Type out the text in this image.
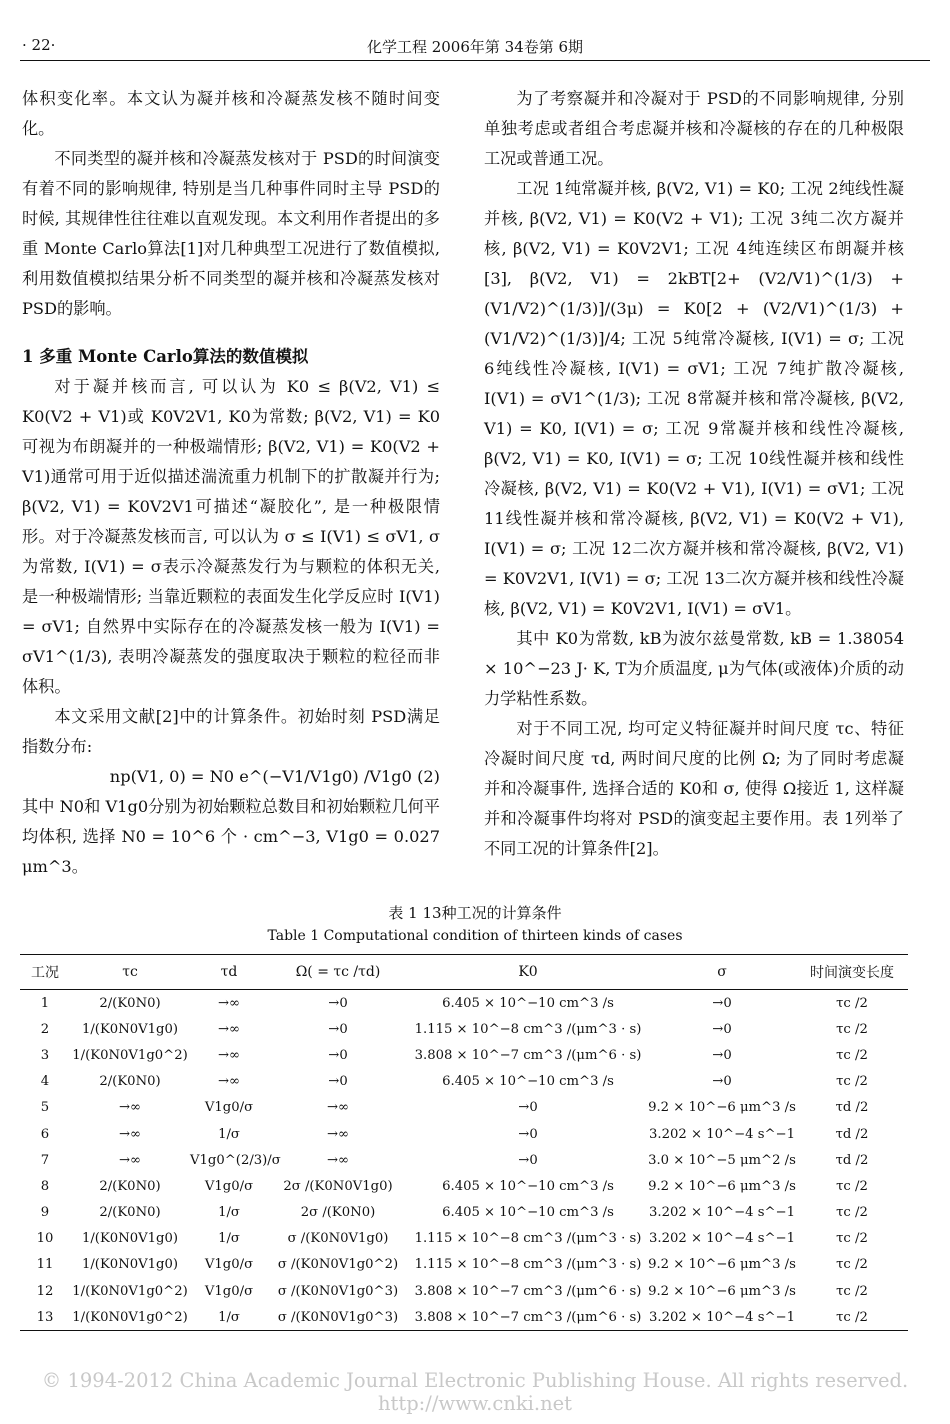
· 22·	化学工程 2006年第 34卷第 6期

体积变化率。本文认为凝并核和冷凝蒸发核不随时间变化。

不同类型的凝并核和冷凝蒸发核对于 PSD的时间演变有着不同的影响规律, 特别是当几种事件同时主导 PSD的时候, 其规律性往往难以直观发现。本文利用作者提出的多重 Monte Carlo算法[1]对几种典型工况进行了数值模拟, 利用数值模拟结果分析不同类型的凝并核和冷凝蒸发核对 PSD的影响。

1 多重 Monte Carlo算法的数值模拟

对于凝并核而言, 可以认为 K0 ≤ β(V2, V1) ≤ K0(V2 + V1)或 K0V2V1, K0为常数; β(V2, V1) = K0可视为布朗凝并的一种极端情形; β(V2, V1) = K0(V2 + V1)通常可用于近似描述湍流重力机制下的扩散凝并行为; β(V2, V1) = K0V2V1可描述“凝胶化”, 是一种极限情形。对于冷凝蒸发核而言, 可以认为 σ ≤ I(V1) ≤ σV1, σ为常数, I(V1) = σ表示冷凝蒸发行为与颗粒的体积无关, 是一种极端情形; 当靠近颗粒的表面发生化学反应时 I(V1) = σV1; 自然界中实际存在的冷凝蒸发核一般为 I(V1) = σV1^(1/3), 表明冷凝蒸发的强度取决于颗粒的粒径而非体积。

本文采用文献[2]中的计算条件。初始时刻 PSD满足指数分布:

np(V1, 0) = N0 e^(−V1/V1g0) /V1g0 (2)

其中 N0和 V1g0分别为初始颗粒总数目和初始颗粒几何平均体积, 选择 N0 = 10^6 个 · cm^−3, V1g0 = 0.027 μm^3。

为了考察凝并和冷凝对于 PSD的不同影响规律, 分别单独考虑或者组合考虑凝并核和冷凝核的存在的几种极限工况或普通工况。

工况 1纯常凝并核, β(V2, V1) = K0; 工况 2纯线性凝并核, β(V2, V1) = K0(V2 + V1); 工况 3纯二次方凝并核, β(V2, V1) = K0V2V1; 工况 4纯连续区布朗凝并核[3], β(V2, V1) = 2kBT[2+ (V2/V1)^(1/3) + (V1/V2)^(1/3)]/(3μ) = K0[2 + (V2/V1)^(1/3) + (V1/V2)^(1/3)]/4; 工况 5纯常冷凝核, I(V1) = σ; 工况 6纯线性冷凝核, I(V1) = σV1; 工况 7纯扩散冷凝核, I(V1) = σV1^(1/3); 工况 8常凝并核和常冷凝核, β(V2, V1) = K0, I(V1) = σ; 工况 9常凝并核和线性冷凝核, β(V2, V1) = K0, I(V1) = σ; 工况 10线性凝并核和线性冷凝核, β(V2, V1) = K0(V2 + V1), I(V1) = σV1; 工况 11线性凝并核和常冷凝核, β(V2, V1) = K0(V2 + V1), I(V1) = σ; 工况 12二次方凝并核和常冷凝核, β(V2, V1) = K0V2V1, I(V1) = σ; 工况 13二次方凝并核和线性冷凝核, β(V2, V1) = K0V2V1, I(V1) = σV1。

其中 K0为常数, kB为波尔兹曼常数, kB = 1.38054 × 10^−23 J· K, T为介质温度, μ为气体(或液体)介质的动力学粘性系数。

对于不同工况, 均可定义特征凝并时间尺度 τc、特征冷凝时间尺度 τd, 两时间尺度的比例 Ω; 为了同时考虑凝并和冷凝事件, 选择合适的 K0和 σ, 使得 Ω接近 1, 这样凝并和冷凝事件均将对 PSD的演变起主要作用。表 1列举了不同工况的计算条件[2]。

表 1 13种工况的计算条件
Table 1 Computational condition of thirteen kinds of cases
工况	τc	τd	Ω( = τc /τd)	K0	σ	时间演变长度
1	2/(K0N0)	→∞	→0	6.405 × 10^−10 cm^3 /s	→0	τc /2
2	1/(K0N0V1g0)	→∞	→0	1.115 × 10^−8 cm^3 /(μm^3 · s)	→0	τc /2
3	1/(K0N0V1g0^2)	→∞	→0	3.808 × 10^−7 cm^3 /(μm^6 · s)	→0	τc /2
4	2/(K0N0)	→∞	→0	6.405 × 10^−10 cm^3 /s	→0	τc /2
5	→∞	V1g0/σ	→∞	→0	9.2 × 10^−6 μm^3 /s	τd /2
6	→∞	1/σ	→∞	→0	3.202 × 10^−4 s^−1	τd /2
7	→∞	V1g0^(2/3)/σ	→∞	→0	3.0 × 10^−5 μm^2 /s	τd /2
8	2/(K0N0)	V1g0/σ	2σ /(K0N0V1g0)	6.405 × 10^−10 cm^3 /s	9.2 × 10^−6 μm^3 /s	τc /2
9	2/(K0N0)	1/σ	2σ /(K0N0)	6.405 × 10^−10 cm^3 /s	3.202 × 10^−4 s^−1	τc /2
10	1/(K0N0V1g0)	1/σ	σ /(K0N0V1g0)	1.115 × 10^−8 cm^3 /(μm^3 · s)	3.202 × 10^−4 s^−1	τc /2
11	1/(K0N0V1g0)	V1g0/σ	σ /(K0N0V1g0^2)	1.115 × 10^−8 cm^3 /(μm^3 · s)	9.2 × 10^−6 μm^3 /s	τc /2
12	1/(K0N0V1g0^2)	V1g0/σ	σ /(K0N0V1g0^3)	3.808 × 10^−7 cm^3 /(μm^6 · s)	9.2 × 10^−6 μm^3 /s	τc /2
13	1/(K0N0V1g0^2)	1/σ	σ /(K0N0V1g0^3)	3.808 × 10^−7 cm^3 /(μm^6 · s)	3.202 × 10^−4 s^−1	τc /2
© 1994-2012 China Academic Journal Electronic Publishing House. All rights reserved. http://www.cnki.net
